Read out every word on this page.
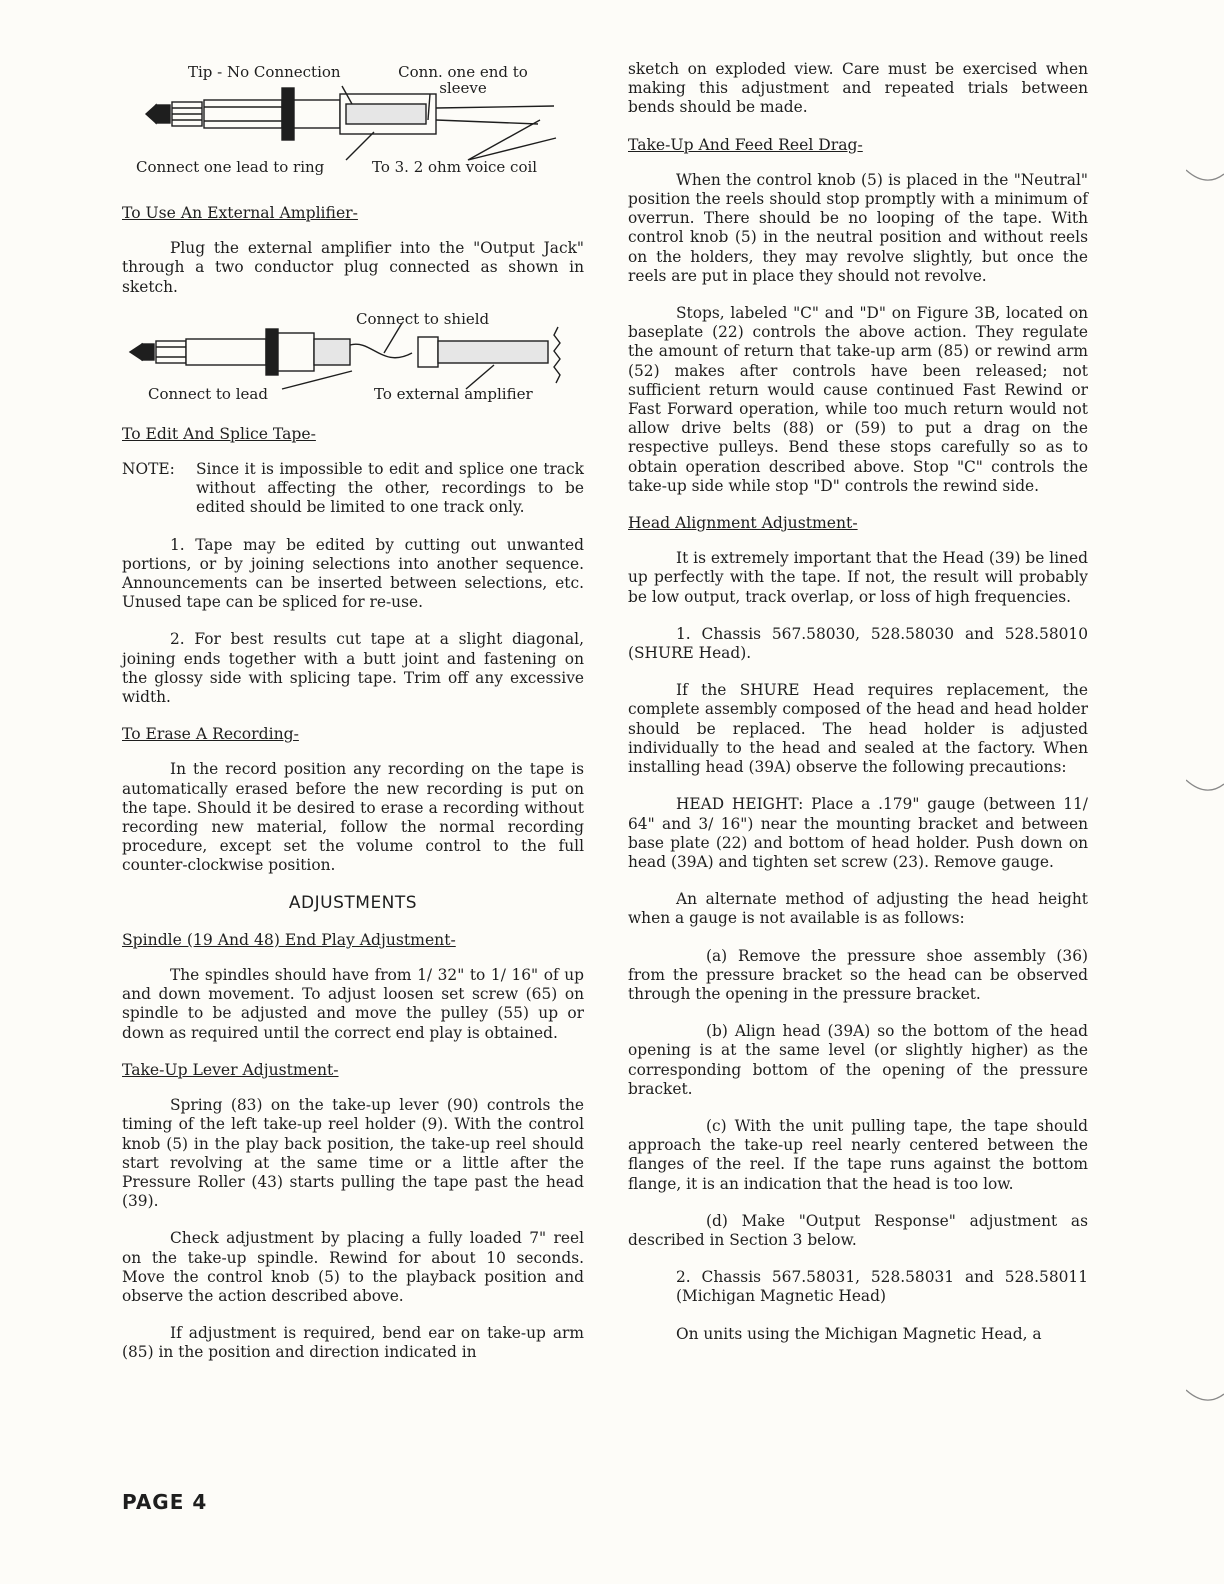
Tip - No Connection	Conn. one end to sleeve
Connect one lead to ring	To 3. 2 ohm voice coil
To Use An External Amplifier-

Plug the external amplifier into the "Output Jack" through a two conductor plug connected as shown in sketch.

Connect to shield
Connect to lead	To external amplifier
To Edit And Splice Tape-
NOTE:	Since it is impossible to edit and splice one track without affecting the other, recordings to be edited should be limited to one track only.

1. Tape may be edited by cutting out unwanted portions, or by joining selections into another sequence. Announcements can be inserted between selections, etc. Unused tape can be spliced for re-use.

2. For best results cut tape at a slight diagonal, joining ends together with a butt joint and fastening on the glossy side with splicing tape. Trim off any excessive width.

To Erase A Recording-

In the record position any recording on the tape is automatically erased before the new recording is put on the tape. Should it be desired to erase a recording without recording new material, follow the normal recording procedure, except set the volume control to the full counter-clockwise position.

ADJUSTMENTS
Spindle (19 And 48) End Play Adjustment-

The spindles should have from 1/ 32" to 1/ 16" of up and down movement. To adjust loosen set screw (65) on spindle to be adjusted and move the pulley (55) up or down as required until the correct end play is obtained.

Take-Up Lever Adjustment-

Spring (83) on the take-up lever (90) controls the timing of the left take-up reel holder (9). With the control knob (5) in the play back position, the take-up reel should start revolving at the same time or a little after the Pressure Roller (43) starts pulling the tape past the head (39).

Check adjustment by placing a fully loaded 7" reel on the take-up spindle. Rewind for about 10 seconds. Move the control knob (5) to the playback position and observe the action described above.

If adjustment is required, bend ear on take-up arm (85) in the position and direction indicated in

sketch on exploded view. Care must be exercised when making this adjustment and repeated trials between bends should be made.

Take-Up And Feed Reel Drag-

When the control knob (5) is placed in the "Neutral" position the reels should stop promptly with a minimum of overrun. There should be no looping of the tape. With control knob (5) in the neutral position and without reels on the holders, they may revolve slightly, but once the reels are put in place they should not revolve.

Stops, labeled "C" and "D" on Figure 3B, located on baseplate (22) controls the above action. They regulate the amount of return that take-up arm (85) or rewind arm (52) makes after controls have been released; not sufficient return would cause continued Fast Rewind or Fast Forward operation, while too much return would not allow drive belts (88) or (59) to put a drag on the respective pulleys. Bend these stops carefully so as to obtain operation described above. Stop "C" controls the take-up side while stop "D" controls the rewind side.

Head Alignment Adjustment-

It is extremely important that the Head (39) be lined up perfectly with the tape. If not, the result will probably be low output, track overlap, or loss of high frequencies.

1. Chassis 567.58030, 528.58030 and 528.58010 (SHURE Head).

If the SHURE Head requires replacement, the complete assembly composed of the head and head holder should be replaced. The head holder is adjusted individually to the head and sealed at the factory. When installing head (39A) observe the following precautions:

HEAD HEIGHT: Place a .179" gauge (between 11/ 64" and 3/ 16") near the mounting bracket and between base plate (22) and bottom of head holder. Push down on head (39A) and tighten set screw (23). Remove gauge.

An alternate method of adjusting the head height when a gauge is not available is as follows:

(a) Remove the pressure shoe assembly (36) from the pressure bracket so the head can be observed through the opening in the pressure bracket.

(b) Align head (39A) so the bottom of the head opening is at the same level (or slightly higher) as the corresponding bottom of the opening of the pressure bracket.

(c) With the unit pulling tape, the tape should approach the take-up reel nearly centered between the flanges of the reel. If the tape runs against the bottom flange, it is an indication that the head is too low.

(d) Make "Output Response" adjustment as described in Section 3 below.

2. Chassis 567.58031, 528.58031 and 528.58011 (Michigan Magnetic Head)

On units using the Michigan Magnetic Head, a

PAGE 4
